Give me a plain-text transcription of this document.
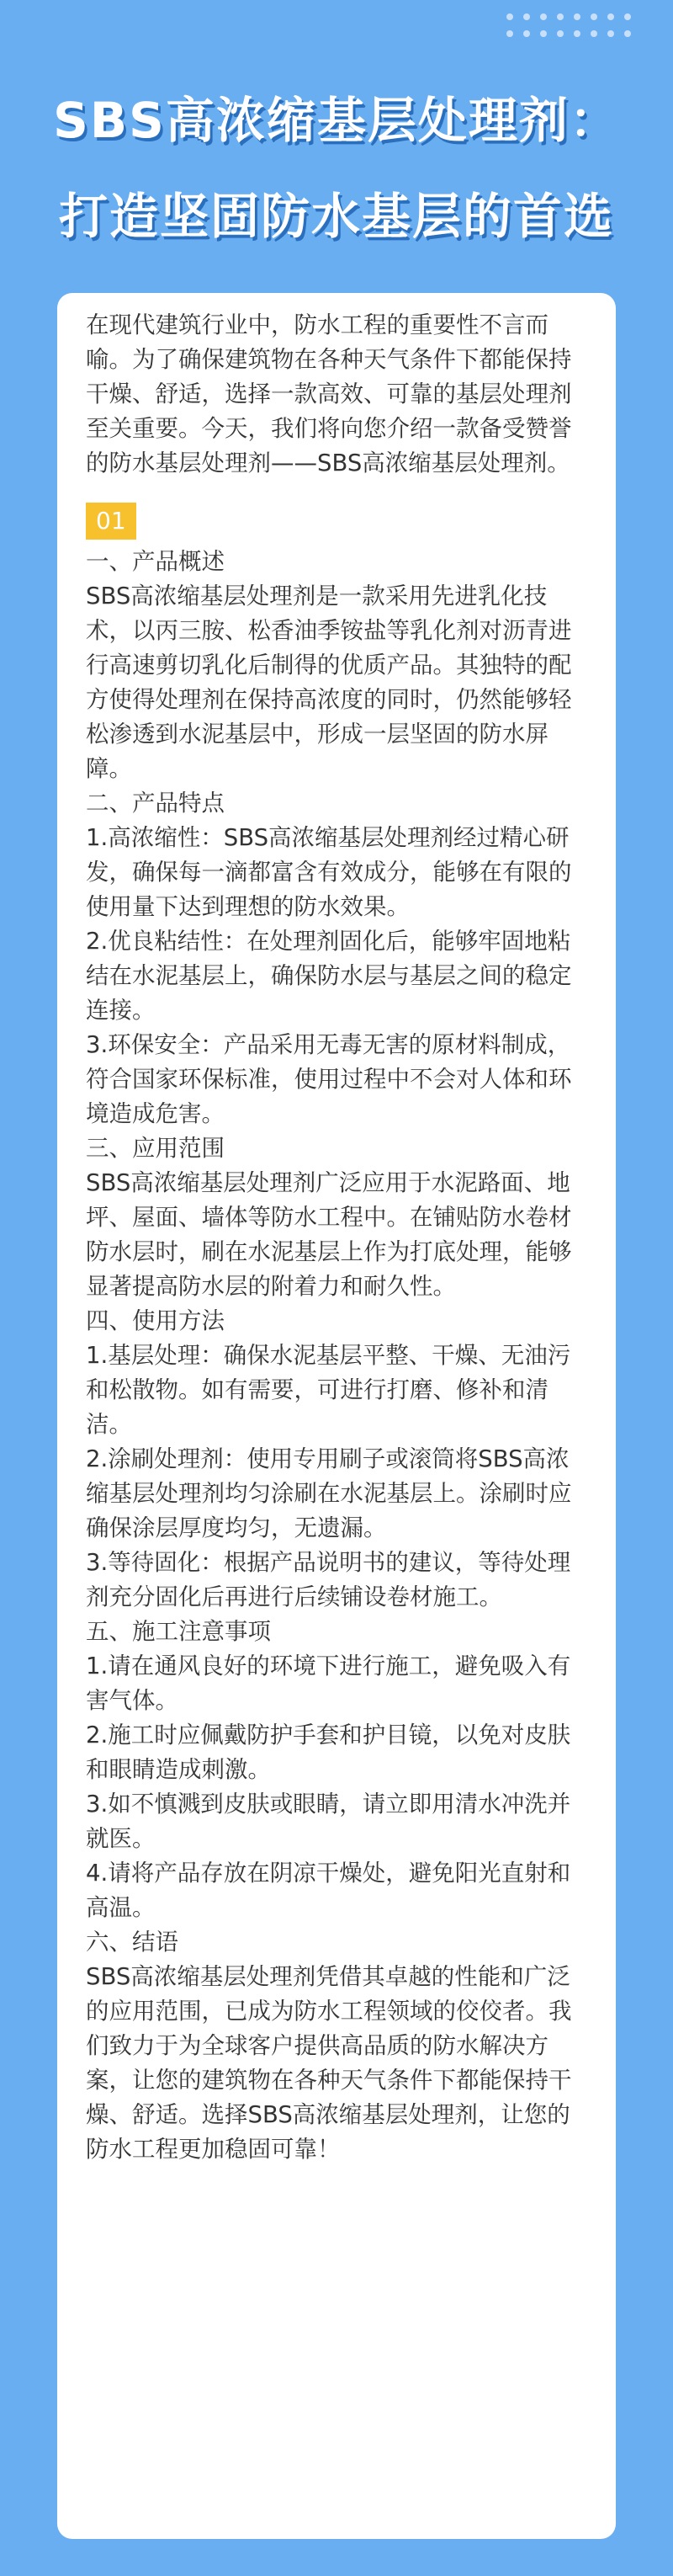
SBS高浓缩基层处理剂：
打造坚固防水基层的首选

在现代建筑行业中，防水工程的重要性不言而喻。为了确保建筑物在各种天气条件下都能保持干燥、舒适，选择一款高效、可靠的基层处理剂至关重要。今天，我们将向您介绍一款备受赞誉的防水基层处理剂——SBS高浓缩基层处理剂。

01

一、产品概述

SBS高浓缩基层处理剂是一款采用先进乳化技术，以丙三胺、松香油季铵盐等乳化剂对沥青进行高速剪切乳化后制得的优质产品。其独特的配方使得处理剂在保持高浓度的同时，仍然能够轻松渗透到水泥基层中，形成一层坚固的防水屏障。

二、产品特点

1.高浓缩性：SBS高浓缩基层处理剂经过精心研发，确保每一滴都富含有效成分，能够在有限的使用量下达到理想的防水效果。

2.优良粘结性：在处理剂固化后，能够牢固地粘结在水泥基层上，确保防水层与基层之间的稳定连接。

3.环保安全：产品采用无毒无害的原材料制成，符合国家环保标准，使用过程中不会对人体和环境造成危害。

三、应用范围

SBS高浓缩基层处理剂广泛应用于水泥路面、地坪、屋面、墙体等防水工程中。在铺贴防水卷材防水层时，刷在水泥基层上作为打底处理，能够显著提高防水层的附着力和耐久性。

四、使用方法

1.基层处理：确保水泥基层平整、干燥、无油污和松散物。如有需要，可进行打磨、修补和清洁。

2.涂刷处理剂：使用专用刷子或滚筒将SBS高浓缩基层处理剂均匀涂刷在水泥基层上。涂刷时应确保涂层厚度均匀，无遗漏。

3.等待固化：根据产品说明书的建议，等待处理剂充分固化后再进行后续铺设卷材施工。

五、施工注意事项

1.请在通风良好的环境下进行施工，避免吸入有害气体。

2.施工时应佩戴防护手套和护目镜，以免对皮肤和眼睛造成刺激。

3.如不慎溅到皮肤或眼睛，请立即用清水冲洗并就医。

4.请将产品存放在阴凉干燥处，避免阳光直射和高温。

六、结语

SBS高浓缩基层处理剂凭借其卓越的性能和广泛的应用范围，已成为防水工程领域的佼佼者。我们致力于为全球客户提供高品质的防水解决方案，让您的建筑物在各种天气条件下都能保持干燥、舒适。选择SBS高浓缩基层处理剂，让您的防水工程更加稳固可靠！
